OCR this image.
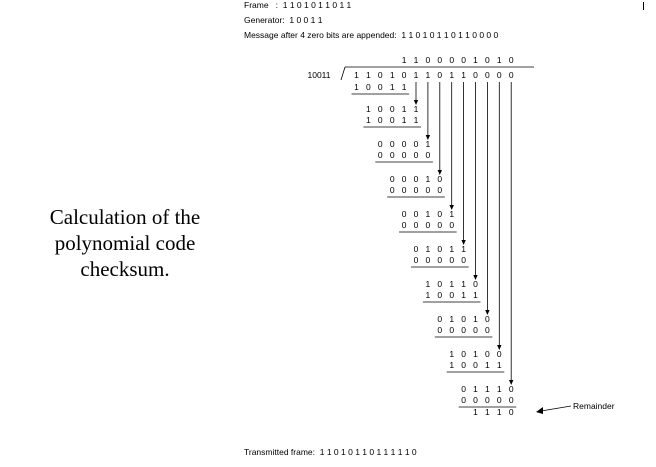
Calculation of the
polynomial code
checksum.
Frame   :  1 1 0 1 0 1 1 0 1 1
Generator: 1 0 0 1 1
Message after 4 zero bits are appended: 1 1 0 1 0 1 1 0 1 1 0 0 0 0
Transmitted frame: 1 1 0 1 0 1 1 0 1 1 1 1 1 0
1 1 0 0 0 0 1 0 1 0
10011	1 1 0 1 0 1 1 0 1 1 0 0 0 0
1 0 0 1 1
1 0 0 1 1
0 0 0 0 0
0 0 0 0 0
0 0 0 0 0
0 0 0 0 0
1 0 0 1 1
0 0 0 0 0
1 0 0 1 1
0 0 0 0 0
1 0 0 1 1
0 0 0 0 1
0 0 0 1 0
0 0 1 0 1
0 1 0 1 1
1 0 1 1 0
0 1 0 1 0
1 0 1 0 0
0 1 1 1 0
1 1 1 0
Remainder
